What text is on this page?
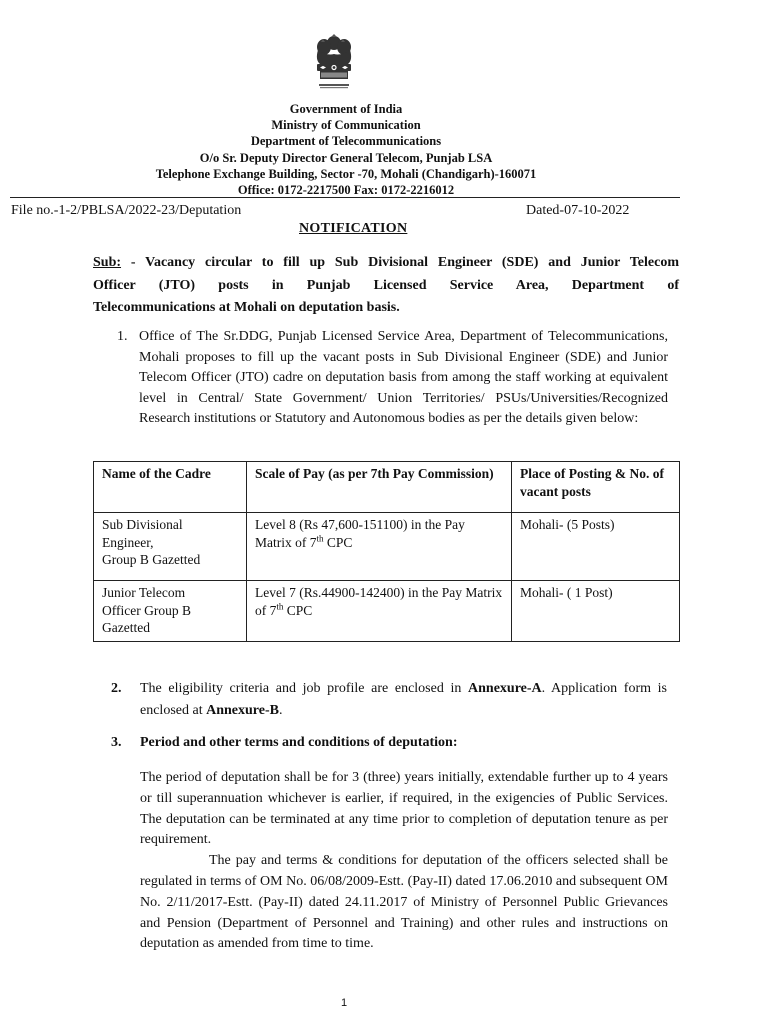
Government of India
Ministry of Communication
Department of Telecommunications
O/o Sr. Deputy Director General Telecom, Punjab LSA
Telephone Exchange Building, Sector -70, Mohali (Chandigarh)-160071
Office: 0172-2217500 Fax: 0172-2216012
File no.-1-2/PBLSA/2022-23/Deputation	Dated-07-10-2022
NOTIFICATION
Sub: - Vacancy circular to fill up Sub Divisional Engineer (SDE) and Junior Telecom
Officer (JTO) posts in Punjab Licensed Service Area, Department of
Telecommunications at Mohali on deputation basis.
1. Office of The Sr.DDG, Punjab Licensed Service Area, Department of Telecommunications, Mohali proposes to fill up the vacant posts in Sub Divisional Engineer (SDE) and Junior Telecom Officer (JTO) cadre on deputation basis from among the staff working at equivalent level in Central/ State Government/ Union Territories/ PSUs/Universities/Recognized Research institutions or Statutory and Autonomous bodies as per the details given below:
Name of the Cadre	Scale of Pay (as per 7th Pay Commission)	Place of Posting & No. of vacant posts

Sub Divisional
Engineer,
Group B Gazetted	Level 8 (Rs 47,600-151100) in the Pay Matrix of 7th CPC	Mohali- (5 Posts)

Junior Telecom
Officer Group B
Gazetted	Level 7 (Rs.44900-142400) in the Pay Matrix of 7th CPC	Mohali- ( 1 Post)
2. The eligibility criteria and job profile are enclosed in Annexure-A. Application form is enclosed at Annexure-B.
3. Period and other terms and conditions of deputation:
The period of deputation shall be for 3 (three) years initially, extendable further up to 4 years or till superannuation whichever is earlier, if required, in the exigencies of Public Services. The deputation can be terminated at any time prior to completion of deputation tenure as per requirement.
The pay and terms & conditions for deputation of the officers selected shall be regulated in terms of OM No. 06/08/2009-Estt. (Pay-II) dated 17.06.2010 and subsequent OM No. 2/11/2017-Estt. (Pay-II) dated 24.11.2017 of Ministry of Personnel Public Grievances and Pension (Department of Personnel and Training) and other rules and instructions on deputation as amended from time to time.
1
